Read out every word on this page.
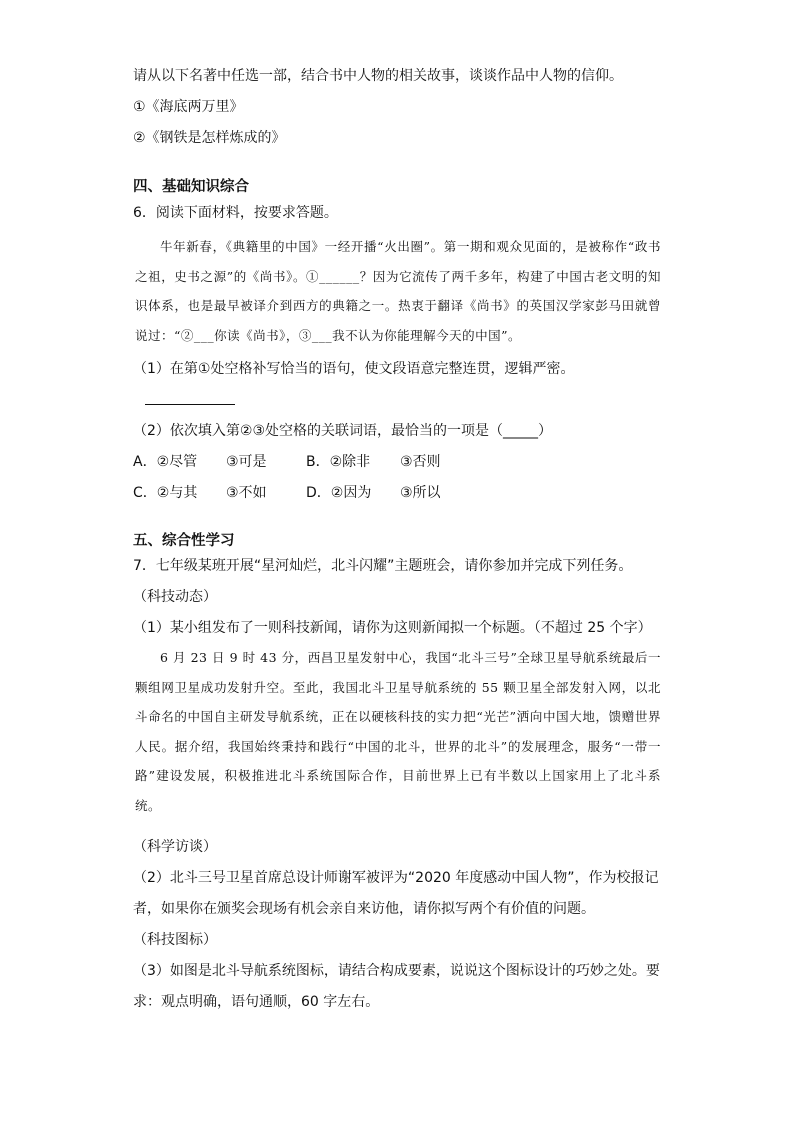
请从以下名著中任选一部，结合书中人物的相关故事，谈谈作品中人物的信仰。
①《海底两万里》
②《钢铁是怎样炼成的》
四、基础知识综合
6．阅读下面材料，按要求答题。
牛年新春，《典籍里的中国》一经开播“火出圈”。第一期和观众见面的，是被称作“政书之祖，史书之源”的《尚书》。①______？因为它流传了两千多年，构建了中国古老文明的知识体系，也是最早被译介到西方的典籍之一。热衷于翻译《尚书》的英国汉学家彭马田就曾说过：“②___你读《尚书》，③___我不认为你能理解今天的中国”。
（1）在第①处空格补写恰当的语句，使文段语意完整连贯，逻辑严密。
（2）依次填入第②③处空格的关联词语，最恰当的一项是（_____）
A．②尽管 ③可是	B．②除非 ③否则
C．②与其 ③不如	D．②因为 ③所以
五、综合性学习
7．七年级某班开展“星河灿烂，北斗闪耀”主题班会，请你参加并完成下列任务。
（科技动态）
（1）某小组发布了一则科技新闻，请你为这则新闻拟一个标题。（不超过 25 个字）
6 月 23 日 9 时 43 分，西昌卫星发射中心，我国“北斗三号”全球卫星导航系统最后一颗组网卫星成功发射升空。至此，我国北斗卫星导航系统的 55 颗卫星全部发射入网，以北斗命名的中国自主研发导航系统，正在以硬核科技的实力把“光芒”洒向中国大地，馈赠世界人民。据介绍，我国始终秉持和践行“中国的北斗，世界的北斗”的发展理念，服务“一带一路”建设发展，积极推进北斗系统国际合作，目前世界上已有半数以上国家用上了北斗系统。
（科学访谈）
（2）北斗三号卫星首席总设计师谢军被评为“2020 年度感动中国人物”，作为校报记
者，如果你在颁奖会现场有机会亲自来访他，请你拟写两个有价值的问题。
（科技图标）
（3）如图是北斗导航系统图标，请结合构成要素，说说这个图标设计的巧妙之处。要
求：观点明确，语句通顺，60 字左右。
